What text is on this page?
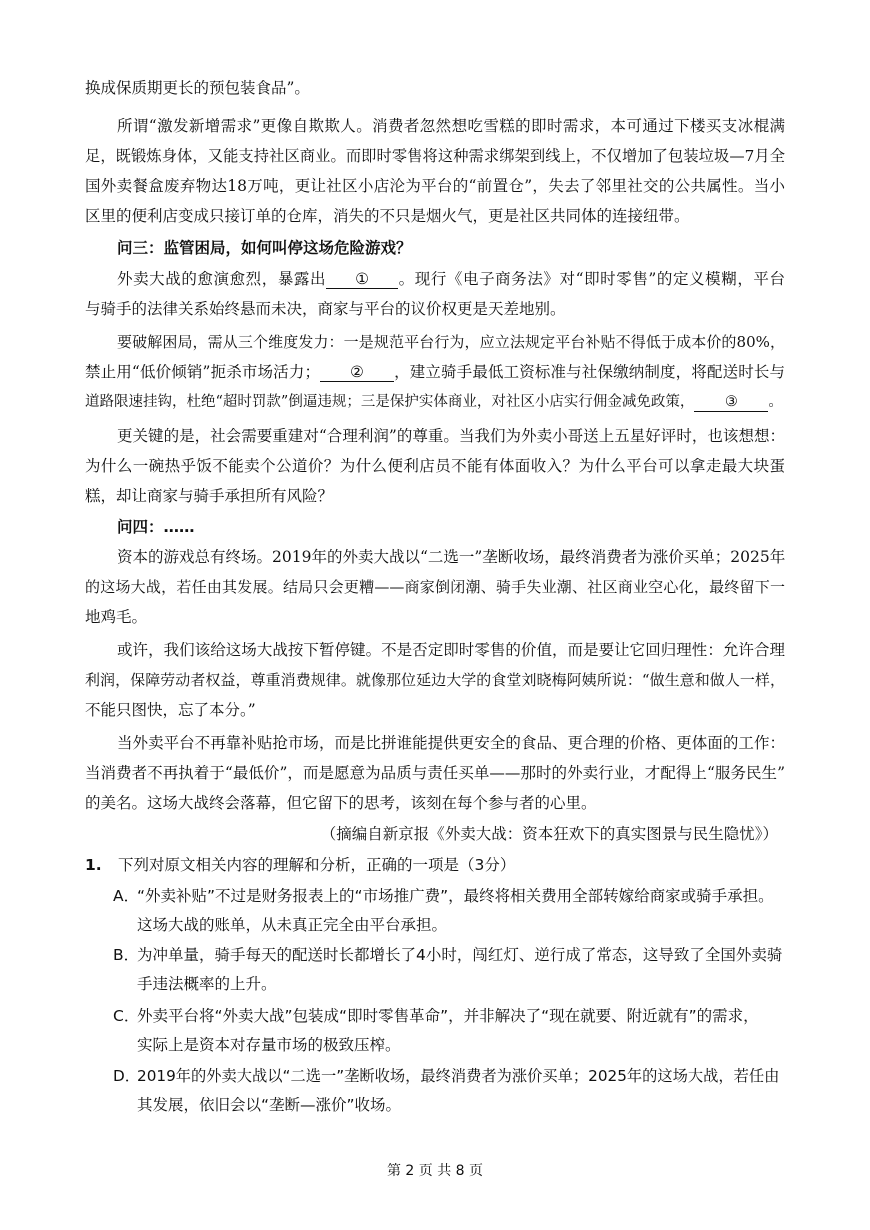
换成保质期更长的预包装食品”。
所谓“激发新增需求”更像自欺欺人。消费者忽然想吃雪糕的即时需求，本可通过下楼买支冰棍满
足，既锻炼身体，又能支持社区商业。而即时零售将这种需求绑架到线上，不仅增加了包装垃圾—7月全
国外卖餐盒废弃物达18万吨，更让社区小店沦为平台的“前置仓”，失去了邻里社交的公共属性。当小
区里的便利店变成只接订单的仓库，消失的不只是烟火气，更是社区共同体的连接纽带。
问三：监管困局，如何叫停这场危险游戏？
外卖大战的愈演愈烈，暴露出 ① 。现行《电子商务法》对“即时零售”的定义模糊，平台
与骑手的法律关系始终悬而未决，商家与平台的议价权更是天差地别。
要破解困局，需从三个维度发力：一是规范平台行为，应立法规定平台补贴不得低于成本价的80%，
禁止用“低价倾销”扼杀市场活力； ② ，建立骑手最低工资标准与社保缴纳制度，将配送时长与
道路限速挂钩，杜绝“超时罚款”倒逼违规；三是保护实体商业，对社区小店实行佣金减免政策， ③ 。
更关键的是，社会需要重建对“合理利润”的尊重。当我们为外卖小哥送上五星好评时，也该想想：
为什么一碗热乎饭不能卖个公道价？为什么便利店员不能有体面收入？为什么平台可以拿走最大块蛋
糕，却让商家与骑手承担所有风险？
问四：……
资本的游戏总有终场。2019年的外卖大战以“二选一”垄断收场，最终消费者为涨价买单；2025年
的这场大战，若任由其发展。结局只会更糟——商家倒闭潮、骑手失业潮、社区商业空心化，最终留下一
地鸡毛。
或许，我们该给这场大战按下暂停键。不是否定即时零售的价值，而是要让它回归理性：允许合理
利润，保障劳动者权益，尊重消费规律。就像那位延边大学的食堂刘晓梅阿姨所说：“做生意和做人一样，
不能只图快，忘了本分。”
当外卖平台不再靠补贴抢市场，而是比拼谁能提供更安全的食品、更合理的价格、更体面的工作：
当消费者不再执着于“最低价”，而是愿意为品质与责任买单——那时的外卖行业，才配得上“服务民生”
的美名。这场大战终会落幕，但它留下的思考，该刻在每个参与者的心里。
（摘编自新京报《外卖大战：资本狂欢下的真实图景与民生隐忧》）
1. 下列对原文相关内容的理解和分析，正确的一项是（3分）
A．“外卖补贴”不过是财务报表上的“市场推广费”，最终将相关费用全部转嫁给商家或骑手承担。
这场大战的账单，从未真正完全由平台承担。
B．为冲单量，骑手每天的配送时长都增长了4小时，闯红灯、逆行成了常态，这导致了全国外卖骑
手违法概率的上升。
C．外卖平台将“外卖大战”包装成“即时零售革命”，并非解决了“现在就要、附近就有”的需求，
实际上是资本对存量市场的极致压榨。
D．2019年的外卖大战以“二选一”垄断收场，最终消费者为涨价买单；2025年的这场大战，若任由
其发展，依旧会以“垄断—涨价”收场。
第 2 页 共 8 页
